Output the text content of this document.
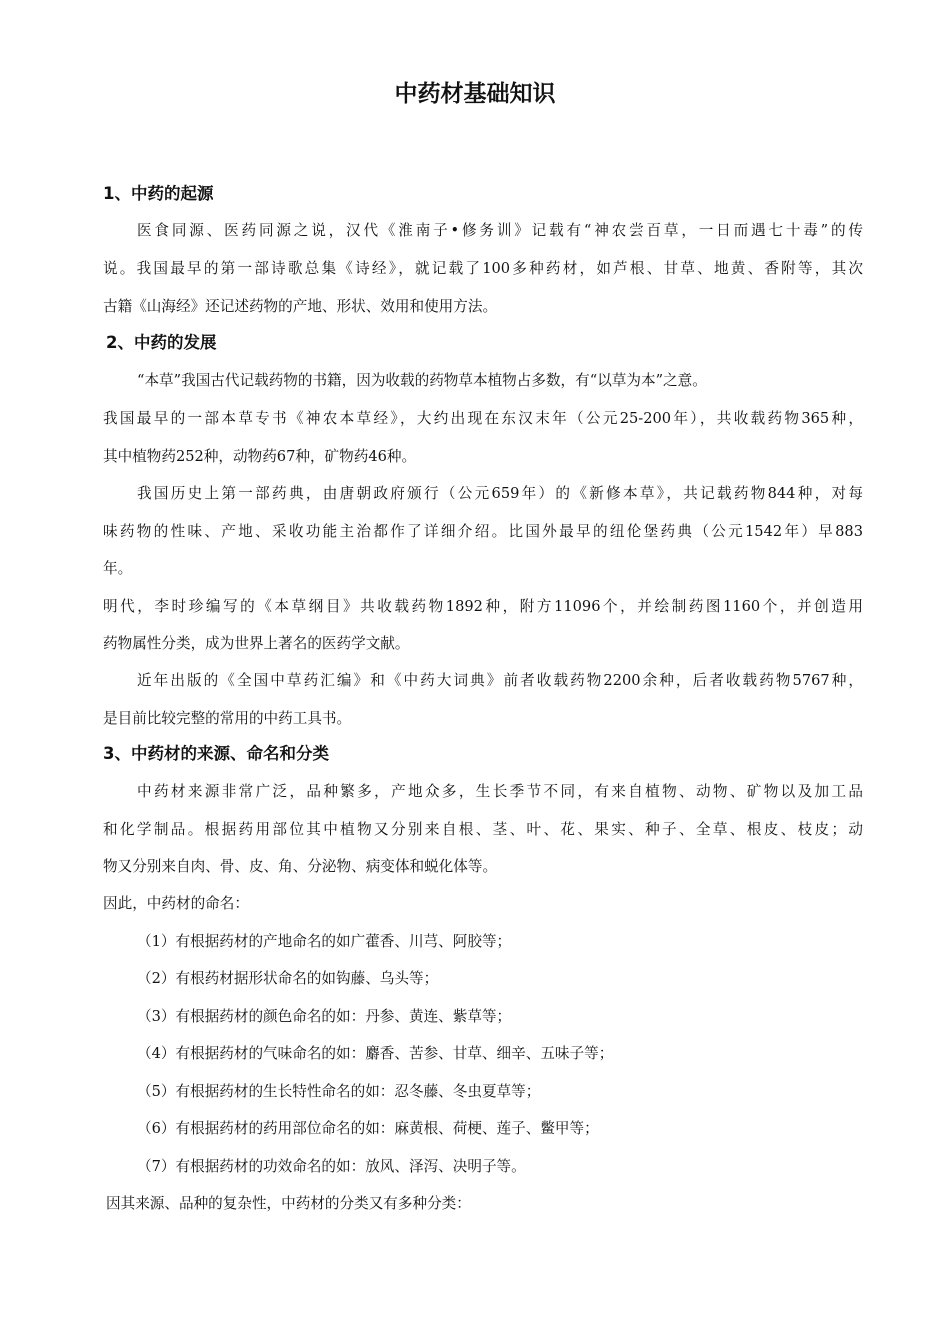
中药材基础知识
1、中药的起源

医食同源、医药同源之说，汉代《淮南子•修务训》记载有“神农尝百草，一日而遇七十毒”的传

说。我国最早的第一部诗歌总集《诗经》，就记载了100多种药材，如芦根、甘草、地黄、香附等，其次

古籍《山海经》还记述药物的产地、形状、效用和使用方法。

2、中药的发展

“本草”我国古代记载药物的书籍，因为收载的药物草本植物占多数，有“以草为本”之意。

我国最早的一部本草专书《神农本草经》，大约出现在东汉末年（公元25-200年），共收载药物365种，

其中植物药252种，动物药67种，矿物药46种。

我国历史上第一部药典，由唐朝政府颁行（公元659年）的《新修本草》，共记载药物844种，对每

味药物的性味、产地、采收功能主治都作了详细介绍。比国外最早的纽伦堡药典（公元1542年）早883

年。

明代，李时珍编写的《本草纲目》共收载药物1892种，附方11096个，并绘制药图1160个，并创造用

药物属性分类，成为世界上著名的医药学文献。

近年出版的《全国中草药汇编》和《中药大词典》前者收载药物2200余种，后者收载药物5767种，

是目前比较完整的常用的中药工具书。

3、中药材的来源、命名和分类

中药材来源非常广泛，品种繁多，产地众多，生长季节不同，有来自植物、动物、矿物以及加工品

和化学制品。根据药用部位其中植物又分别来自根、茎、叶、花、果实、种子、全草、根皮、枝皮；动

物又分别来自肉、骨、皮、角、分泌物、病变体和蜕化体等。

因此，中药材的命名：

（1）有根据药材的产地命名的如广藿香、川芎、阿胶等；

（2）有根药材据形状命名的如钩藤、乌头等；

（3）有根据药材的颜色命名的如：丹参、黄连、紫草等；

（4）有根据药材的气味命名的如：麝香、苦参、甘草、细辛、五味子等；

（5）有根据药材的生长特性命名的如：忍冬藤、冬虫夏草等；

（6）有根据药材的药用部位命名的如：麻黄根、荷梗、莲子、鳖甲等；

（7）有根据药材的功效命名的如：放风、泽泻、决明子等。

因其来源、品种的复杂性，中药材的分类又有多种分类：
